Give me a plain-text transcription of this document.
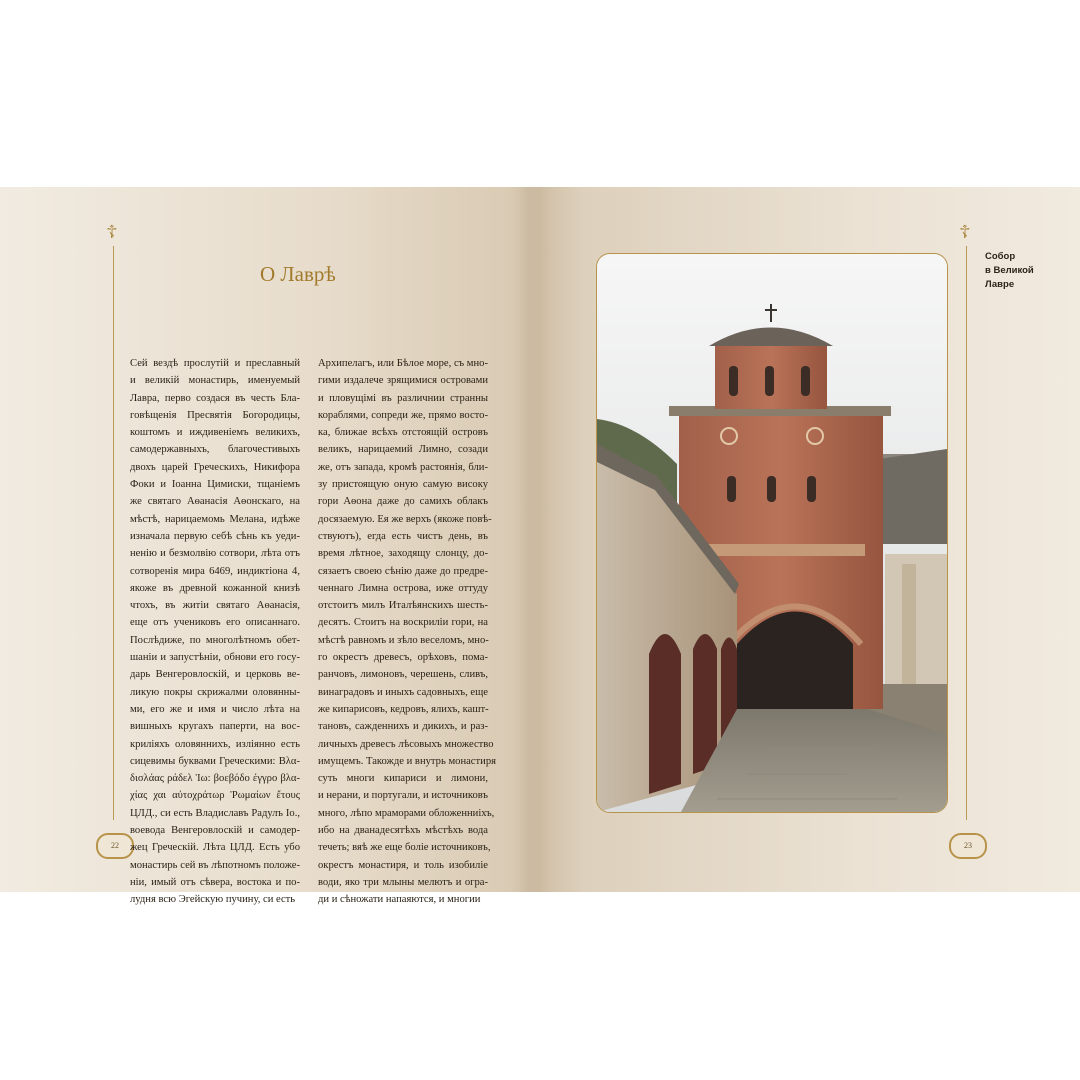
☦
22
О Лаврѣ
Сей вездѣ прослутій и преславный
и великій монастирь, именуемый
Лавра, перво создася въ честь Бла-
говѣщенія Пресвятія Богородицы,
коштомъ и иждивеніемъ великихъ,
самодержавныхъ, благочестивыхъ
двохъ царей Греческихъ, Никифора
Фоки и Іоанна Цимиски, тщаніемъ
же святаго Аѳанасія Аѳонскаго, на
мѣстѣ, нарицаемомь Мелана, идѣже
изначала первую себѣ сѣнь къ уеди-
ненію и безмолвію сотвори, лѣта отъ
сотворенія мира 6469, индиктіона 4,
якоже въ древной кожанной книзѣ
чтохъ, въ житіи святаго Аѳанасія,
еще отъ учениковъ его описаннаго.
Послѣдиже, по многолѣтномъ обет-
шаніи и запустѣніи, обнови его госу-
дарь Венгеровлоскій, и церковь ве-
ликую покры скрижалми оловянны-
ми, его же и имя и число лѣта на
вишныхъ кругахъ паперти, на вос-
крилiяхъ оловяннихъ, изліянно есть
сицевимы буквами Греческими: Βλα-
δισλάας ράδελ Ἰω: βοεβόδο έγγρο βλα-
χίας χαι αὐτοχράτωρ Ῥωμαίων ἔτους
ЦЛД., си есть Владиславъ Радулъ Іо.,
воевода Венгеровлоскій и самодер-
жец Греческій. Лѣта ЦЛД. Есть убо
монастирь сей въ лѣпотномъ положе-
ніи, имый отъ сѣвера, востока и по-
лудня всю Эгейскую пучину, си есть
Архипелагъ, или Бѣлое море, съ мно-
гими издалече зрящимися островами
и пловущімі въ различнии странны
кораблями, сопреди же, прямо восто-
ка, ближае всѣхъ отстоящій островъ
великъ, нарицаемий Лимно, созади
же, отъ запада, кромѣ растоянія, бли-
зу пристоящую оную самую високу
гори Аѳона даже до самихъ облакъ
досязаемую. Ея же верхъ (якоже повѣ-
ствуютъ), егда есть чистъ день, въ
время лѣтное, заходящу слонцу, до-
сязаетъ своею сѣнію даже до предре-
ченнаго Лимна острова, иже оттуду
отстоитъ милъ Италѣянскихъ шесть-
десятъ. Стоитъ на воскриліи гори, на
мѣстѣ равномъ и зѣло веселомъ, мно-
го окрестъ древесъ, орѣховъ, пома-
ранчовъ, лимоновъ, черешень, сливъ,
винаградовъ и иныхъ садовныхъ, еще
же кипарисовъ, кедровъ, ялихъ, кашт-
тановъ, сажденнихъ и дикихъ, и раз-
личныхъ древесъ лѣсовыхъ множество
имущемъ. Такожде и внутрь монастиря
суть многи кипариси и лимони,
и нерани, и португали, и источниковъ
много, лѣпо мраморами обложенниіхъ,
ибо на дванадесятѣхъ мѣстѣхъ вода
течеть; вяѣ же еще боліе источниковъ,
окрестъ монастиря, и толь изобиліе
води, яко три млыны мелютъ и огра-
ди и сѣножати напаяются, и многии
☦
Собор
в Великой
Лавре
23
